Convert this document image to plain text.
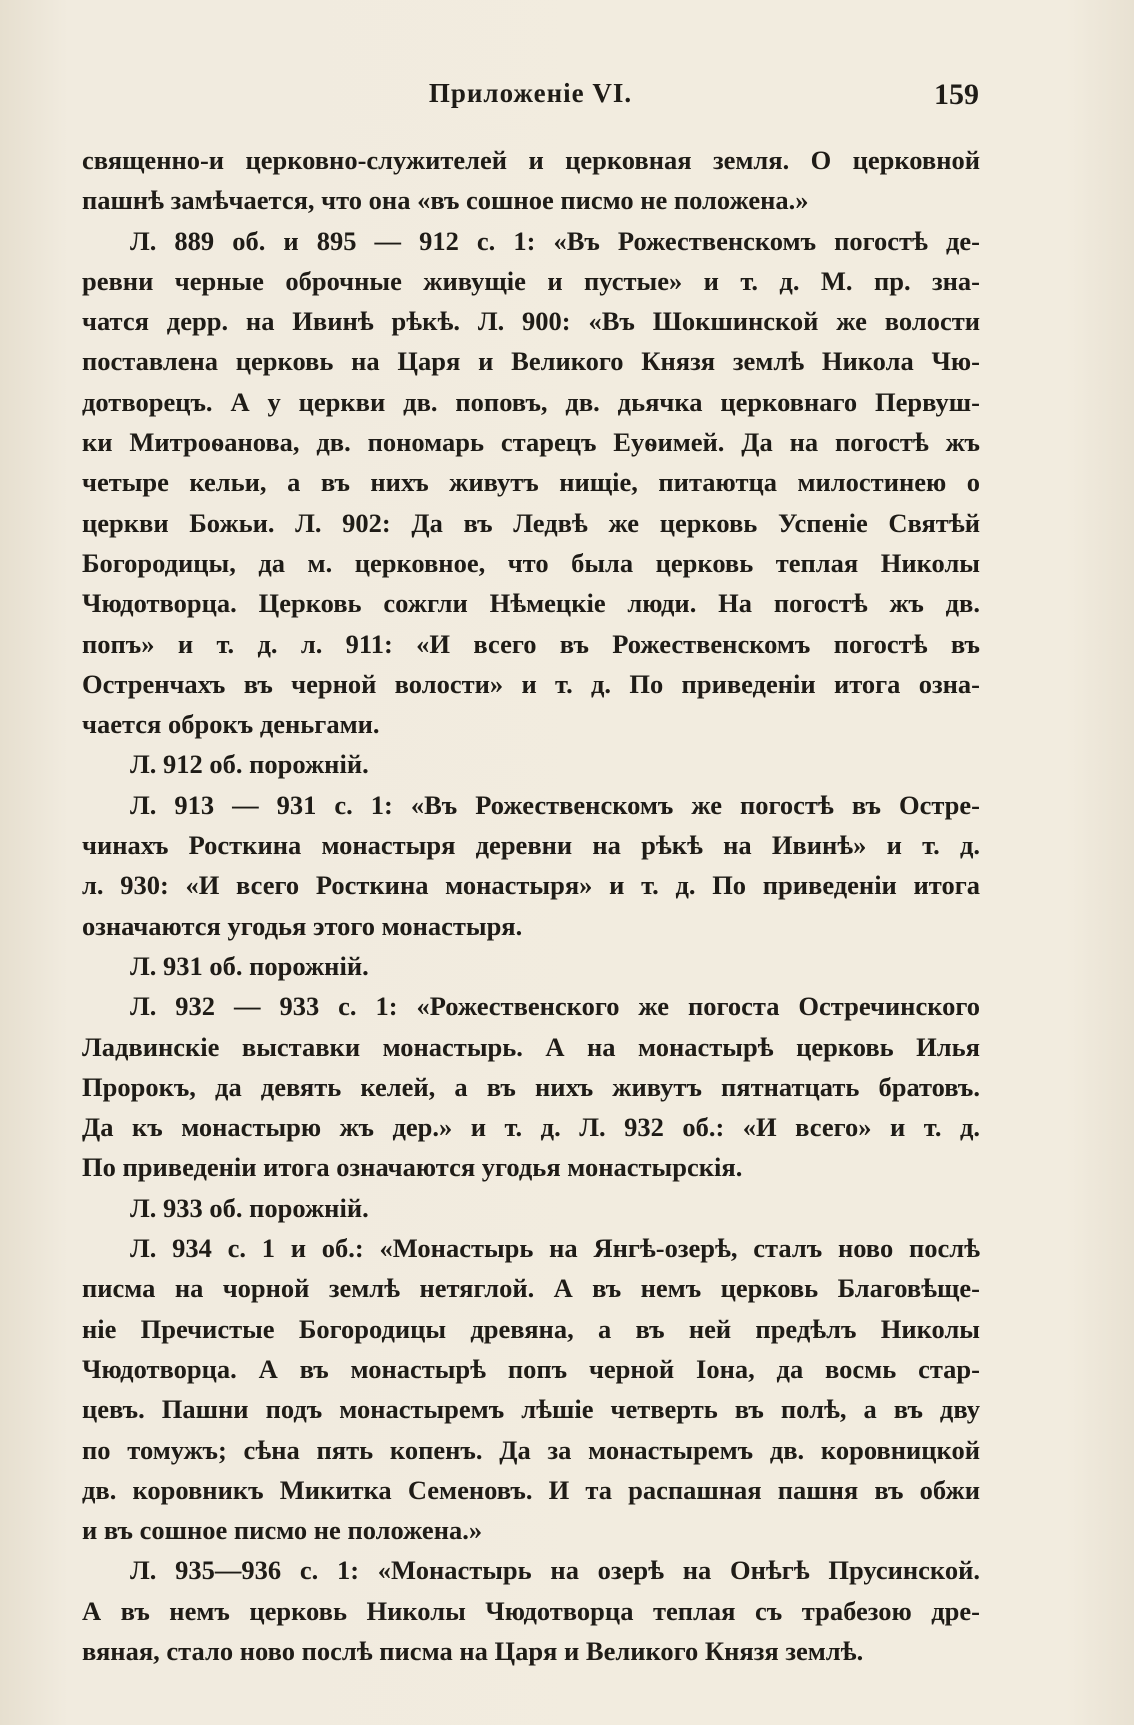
Приложеніе VI.	159
священно-и церковно-служителей и церковная земля. О церковной
пашнѣ замѣчается, что она «въ сошное писмо не положена.»
Л. 889 об. и 895 — 912 с. 1: «Въ Рожественскомъ погостѣ де-
ревни черные оброчные живущіе и пустые» и т. д. М. пр. зна-
чатся дерр. на Ивинѣ рѣкѣ. Л. 900: «Въ Шокшинской же волости
поставлена церковь на Царя и Великого Князя землѣ Никола Чю-
дотворецъ. А у церкви дв. поповъ, дв. дьячка церковнаго Первуш-
ки Митроѳанова, дв. пономарь старецъ Еуѳимей. Да на погостѣ жъ
четыре кельи, а въ нихъ живутъ нищіе, питаютца милостинею о
церкви Божьи. Л. 902: Да въ Ледвѣ же церковь Успеніе Святѣй
Богородицы, да м. церковное, что была церковь теплая Николы
Чюдотворца. Церковь сожгли Нѣмецкіе люди. На погостѣ жъ дв.
попъ» и т. д. л. 911: «И всего въ Рожественскомъ погостѣ въ
Остренчахъ въ черной волости» и т. д. По приведеніи итога озна-
чается оброкъ деньгами.
Л. 912 об. порожній.
Л. 913 — 931 с. 1: «Въ Рожественскомъ же погостѣ въ Остре-
чинахъ Росткина монастыря деревни на рѣкѣ на Ивинѣ» и т. д.
л. 930: «И всего Росткина монастыря» и т. д. По приведеніи итога
означаются угодья этого монастыря.
Л. 931 об. порожній.
Л. 932 — 933 с. 1: «Рожественского же погоста Остречинского
Ладвинскіе выставки монастырь. А на монастырѣ церковь Илья
Пророкъ, да девять келей, а въ нихъ живутъ пятнатцать братовъ.
Да къ монастырю жъ дер.» и т. д. Л. 932 об.: «И всего» и т. д.
По приведеніи итога означаются угодья монастырскія.
Л. 933 об. порожній.
Л. 934 с. 1 и об.: «Монастырь на Янгѣ-озерѣ, сталъ ново послѣ
писма на чорной землѣ нетяглой. А въ немъ церковь Благовѣще-
ніе Пречистые Богородицы древяна, а въ ней предѣлъ Николы
Чюдотворца. А въ монастырѣ попъ черной Іона, да восмь стар-
цевъ. Пашни подъ монастыремъ лѣшіе четверть въ полѣ, а въ дву
по томужъ; сѣна пять копенъ. Да за монастыремъ дв. коровницкой
дв. коровникъ Микитка Семеновъ. И та распашная пашня въ обжи
и въ сошное писмо не положена.»
Л. 935—936 с. 1: «Монастырь на озерѣ на Онѣгѣ Прусинской.
А въ немъ церковь Николы Чюдотворца теплая съ трабезою дре-
вяная, стало ново послѣ писма на Царя и Великого Князя землѣ.
